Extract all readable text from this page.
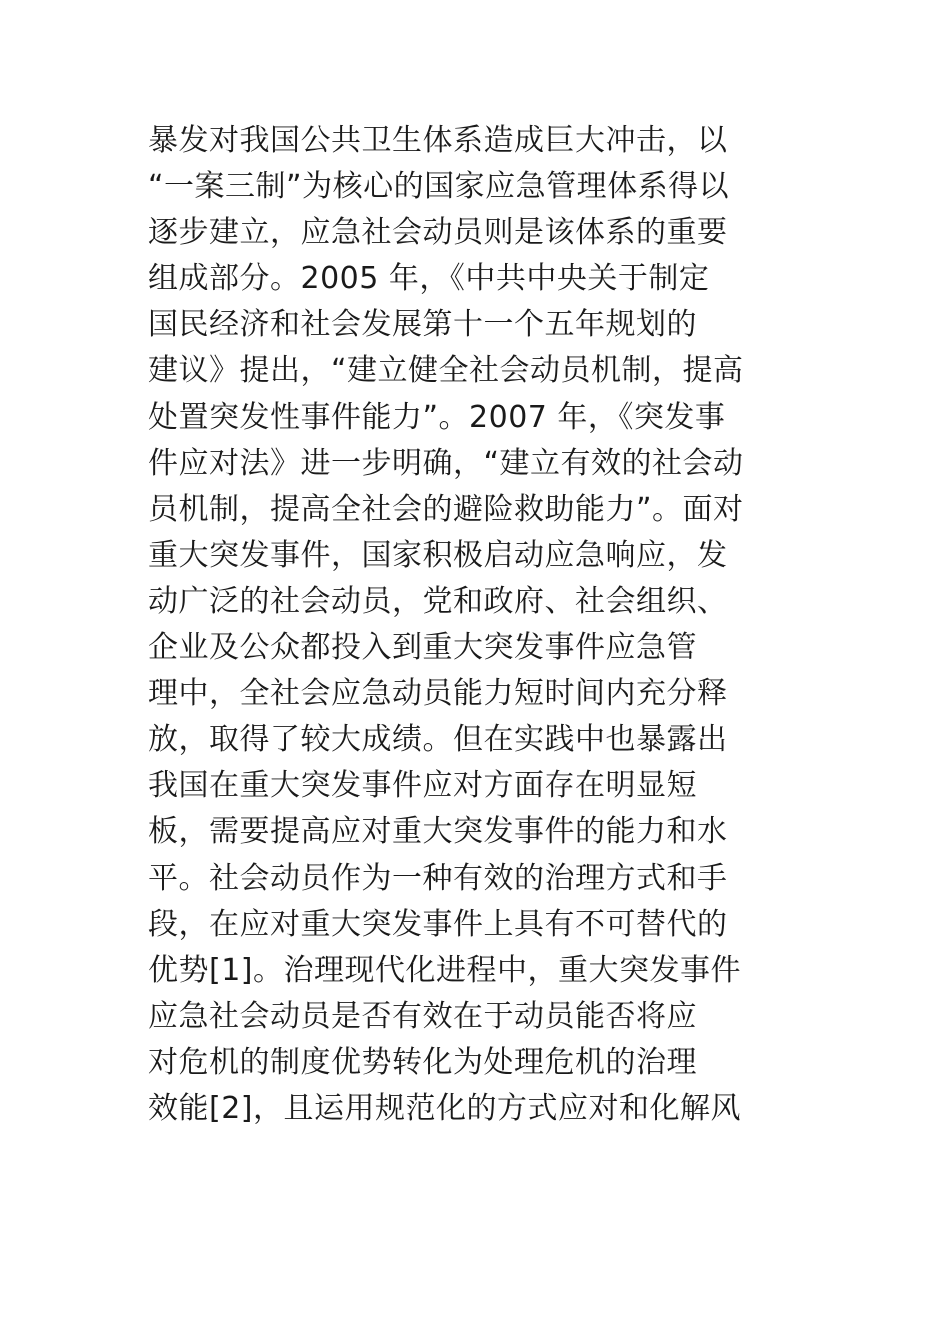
暴发对我国公共卫生体系造成巨大冲击，以
“一案三制”为核心的国家应急管理体系得以
逐步建立，应急社会动员则是该体系的重要
组成部分。2005 年，《中共中央关于制定
国民经济和社会发展第十一个五年规划的
建议》提出，“建立健全社会动员机制，提高
处置突发性事件能力”。2007 年，《突发事
件应对法》进一步明确，“建立有效的社会动
员机制，提高全社会的避险救助能力”。面对
重大突发事件，国家积极启动应急响应，发
动广泛的社会动员，党和政府、社会组织、
企业及公众都投入到重大突发事件应急管
理中，全社会应急动员能力短时间内充分释
放，取得了较大成绩。但在实践中也暴露出
我国在重大突发事件应对方面存在明显短
板，需要提高应对重大突发事件的能力和水
平。社会动员作为一种有效的治理方式和手
段，在应对重大突发事件上具有不可替代的
优势[1]。治理现代化进程中，重大突发事件
应急社会动员是否有效在于动员能否将应
对危机的制度优势转化为处理危机的治理
效能[2]，且运用规范化的方式应对和化解风
